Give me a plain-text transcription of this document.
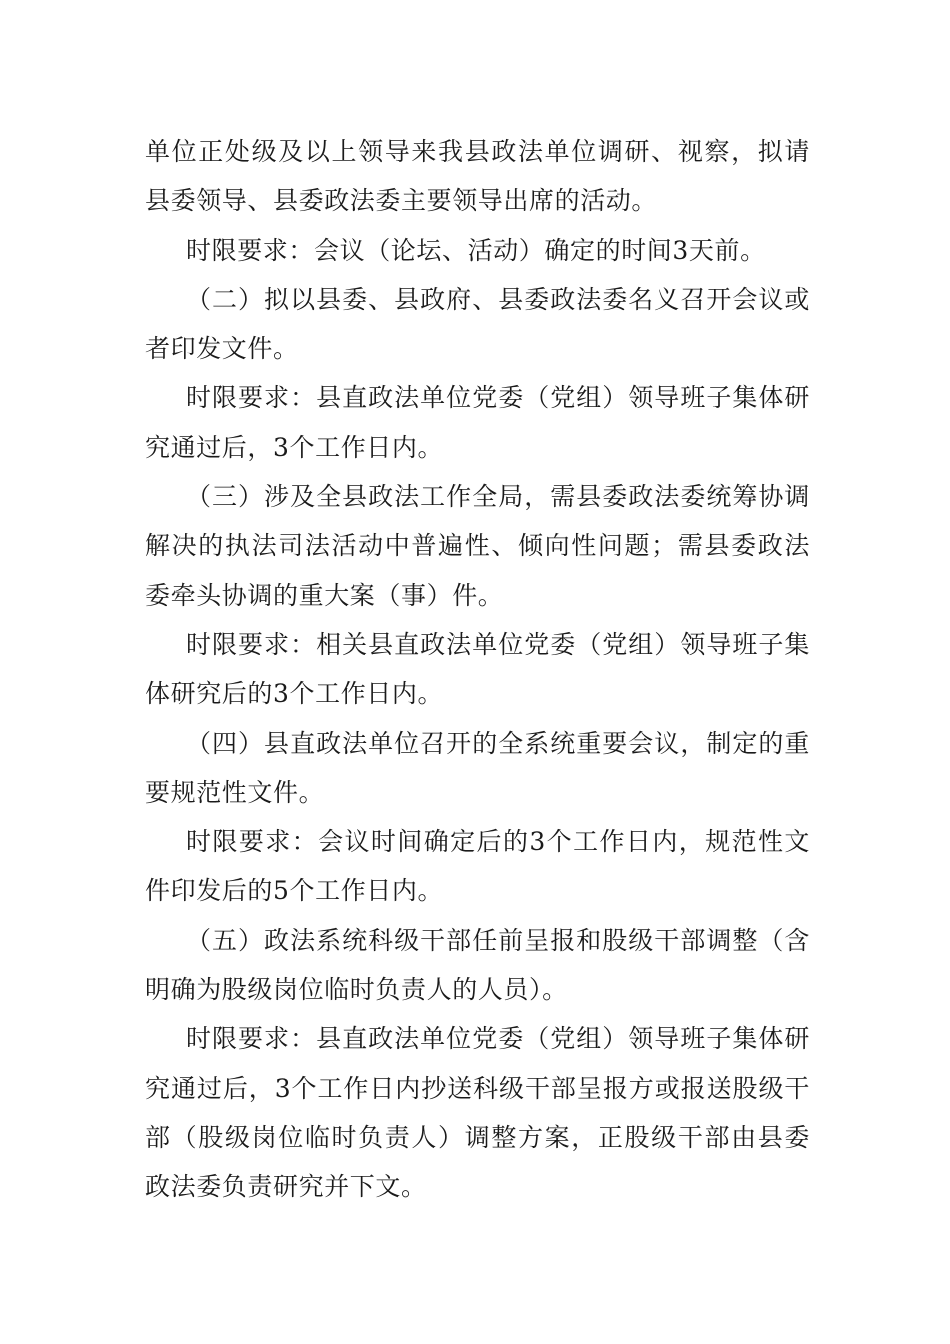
单位正处级及以上领导来我县政法单位调研、视察，拟请县委领导、县委政法委主要领导出席的活动。

时限要求：会议（论坛、活动）确定的时间3天前。

（二）拟以县委、县政府、县委政法委名义召开会议或者印发文件。

时限要求：县直政法单位党委（党组）领导班子集体研究通过后，3个工作日内。

（三）涉及全县政法工作全局，需县委政法委统筹协调解决的执法司法活动中普遍性、倾向性问题；需县委政法委牵头协调的重大案（事）件。

时限要求：相关县直政法单位党委（党组）领导班子集体研究后的3个工作日内。

（四）县直政法单位召开的全系统重要会议，制定的重要规范性文件。

时限要求：会议时间确定后的3个工作日内，规范性文件印发后的5个工作日内。

（五）政法系统科级干部任前呈报和股级干部调整（含明确为股级岗位临时负责人的人员）。

时限要求：县直政法单位党委（党组）领导班子集体研究通过后，3个工作日内抄送科级干部呈报方或报送股级干部（股级岗位临时负责人）调整方案，正股级干部由县委政法委负责研究并下文。
